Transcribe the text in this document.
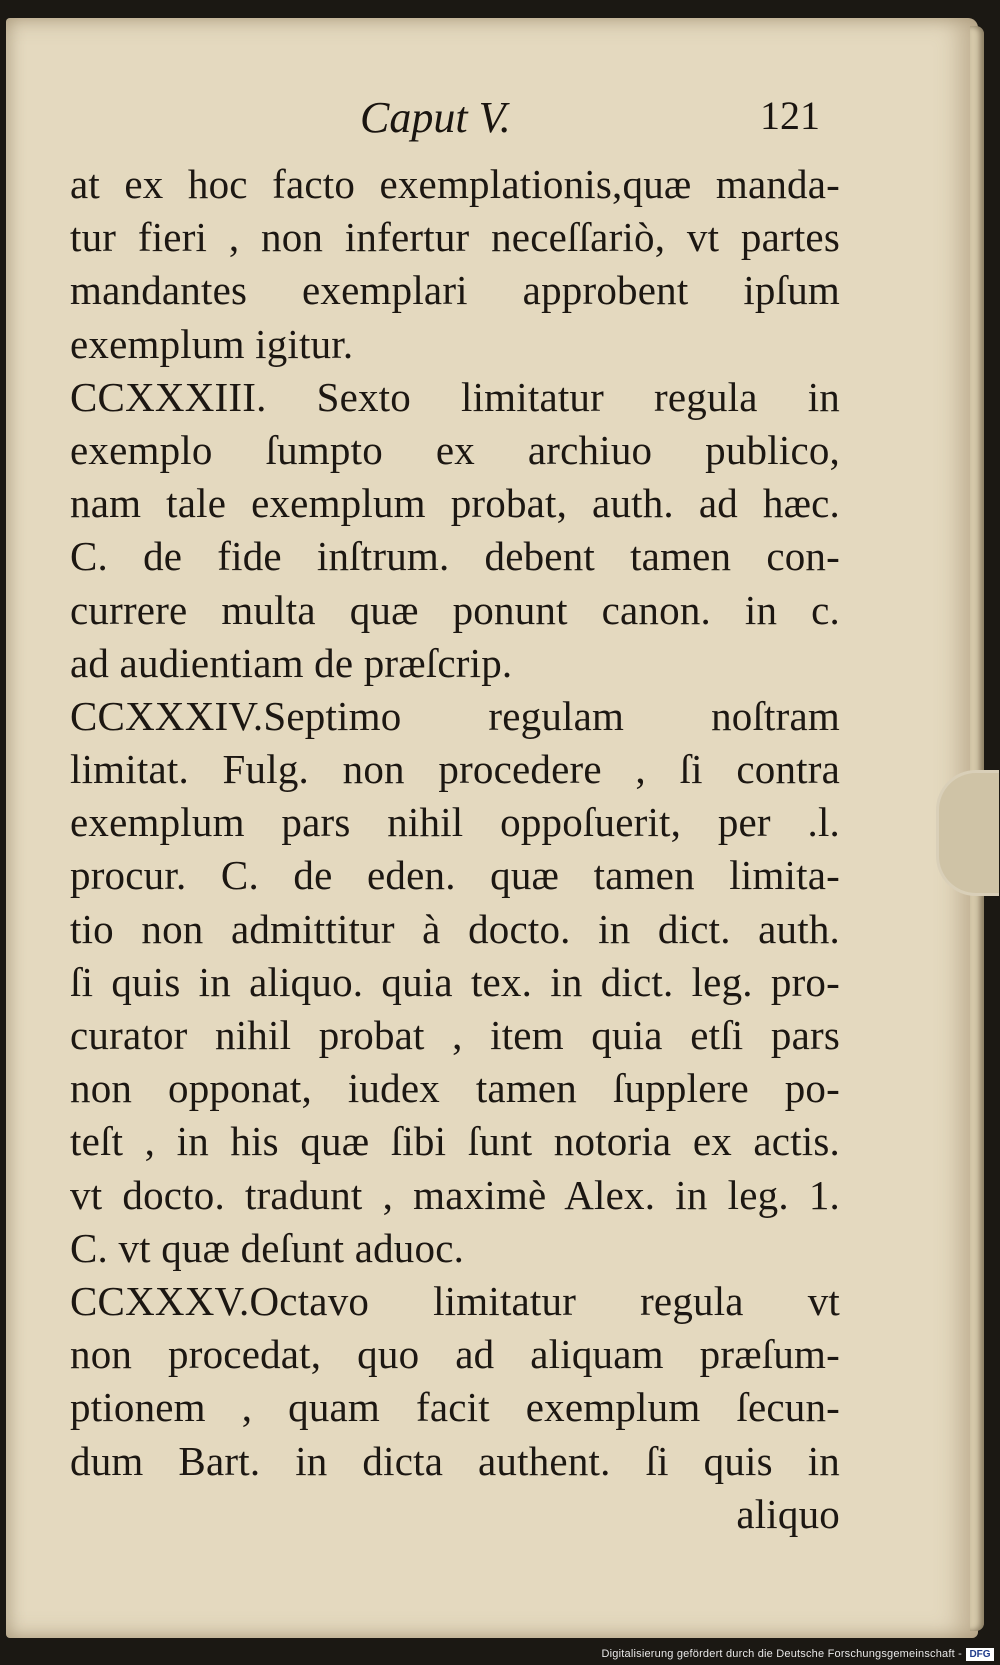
Caput V.	121
at ex hoc facto exemplationis,quæ manda-
tur fieri , non infertur neceſſariò, vt partes
mandantes exemplari approbent ipſum
exemplum igitur.
CCXXXIII. Sexto limitatur regula in
exemplo ſumpto ex archiuo publico,
nam tale exemplum probat, auth. ad hæc.
C. de fide inſtrum. debent tamen con-
currere multa quæ ponunt canon. in c.
ad audientiam de præſcrip.
CCXXXIV.Septimo regulam noſtram
limitat. Fulg. non procedere , ſi contra
exemplum pars nihil oppoſuerit, per .l.
procur. C. de eden. quæ tamen limita-
tio non admittitur à docto. in dict. auth.
ſi quis in aliquo. quia tex. in dict. leg. pro-
curator nihil probat , item quia etſi pars
non opponat, iudex tamen ſupplere po-
teſt , in his quæ ſibi ſunt notoria ex actis.
vt docto. tradunt , maximè Alex. in leg. 1.
C. vt quæ deſunt aduoc.
CCXXXV.Octavo limitatur regula vt
non procedat, quo ad aliquam præſum-
ptionem , quam facit exemplum ſecun-
dum Bart. in dicta authent. ſi quis in
aliquo
Digitalisierung gefördert durch die Deutsche Forschungsgemeinschaft - DFG
